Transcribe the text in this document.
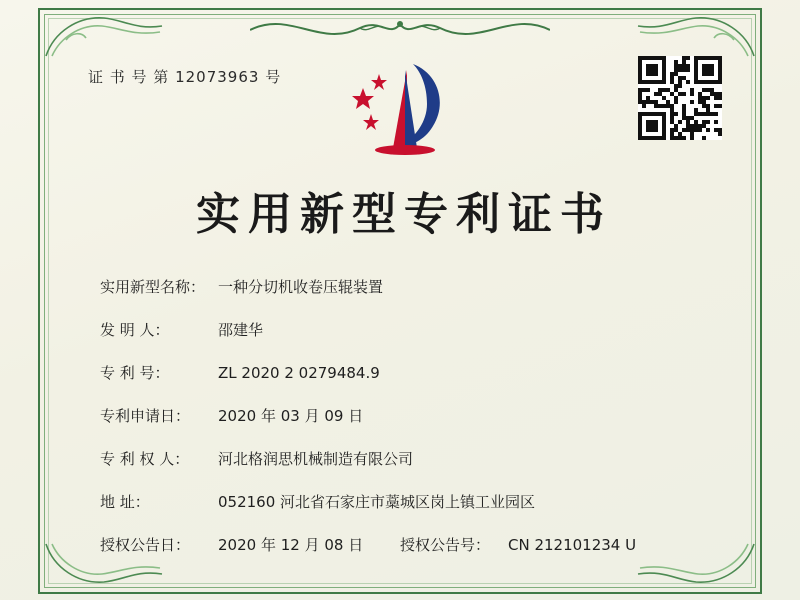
证 书 号 第 12073963 号
实用新型专利证书
实用新型名称： 一种分切机收卷压辊装置
发 明 人：	邵建华
专 利 号：	ZL 2020 2 0279484.9
专利申请日：	2020 年 03 月 09 日
专 利 权 人：	河北格润思机械制造有限公司
地 址：	052160 河北省石家庄市藁城区岗上镇工业园区
授权公告日：	2020 年 12 月 08 日	授权公告号：	CN 212101234 U
